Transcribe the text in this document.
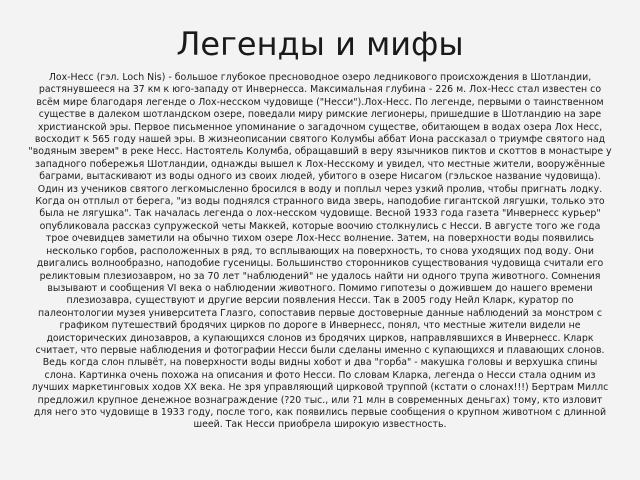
Легенды и мифы

Лох-Несс (гэл. Loch Nis) - большое глубокое пресноводное озеро ледникового происхождения в Шотландии, растянувшееся на 37 км к юго-западу от Инвернесса. Максимальная глубина - 226 м. Лох-Несс стал известен со всём мире благодаря легенде о Лох-несском чудовище ("Несси").Лох-Несс. По легенде, первыми о таинственном существе в далеком шотландском озере, поведали миру римские легионеры, пришедшие в Шотландию на заре христианской эры. Первое письменное упоминание о загадочном существе, обитающем в водах озера Лох Несс, восходит к 565 году нашей эры. В жизнеописании святого Колумбы аббат Иона рассказал о триумфе святого над "водяным зверем" в реке Несс. Настоятель Колумба, обращавший в веру язычников пиктов и скоттов в монастыре у западного побережья Шотландии, однажды вышел к Лох-Несскому и увидел, что местные жители, вооружённые баграми, вытаскивают из воды одного из своих людей, убитого в озере Нисагом (гэльское название чудовища). Один из учеников святого легкомысленно бросился в воду и поплыл через узкий пролив, чтобы пригнать лодку. Когда он отплыл от берега, "из воды поднялся странного вида зверь, наподобие гигантской лягушки, только это была не лягушка". Так началась легенда о лох-несском чудовище. Весной 1933 года газета "Инвернесс курьер" опубликовала рассказ супружеской четы Маккей, которые воочию столкнулись с Несси. В августе того же года трое очевидцев заметили на обычно тихом озере Лох-Несс волнение. Затем, на поверхности воды появились несколько горбов, расположенных в ряд, то всплывающих на поверхность, то снова уходящих под воду. Они двигались волнообразно, наподобие гусеницы. Большинство сторонников существования чудовища считали его реликтовым плезиозавром, но за 70 лет "наблюдений" не удалось найти ни одного трупа животного. Сомнения вызывают и сообщения VI века о наблюдении животного. Помимо гипотезы о дожившем до нашего времени плезиозавра, существуют и другие версии появления Несси. Так в 2005 году Нейл Кларк, куратор по палеонтологии музея университета Глазго, сопоставив первые достоверные данные наблюдений за монстром с графиком путешествий бродячих цирков по дороге в Инвернесс, понял, что местные жители видели не доисторических динозавров, а купающихся слонов из бродячих цирков, направлявшихся в Инвернесс. Кларк считает, что первые наблюдения и фотографии Несси были сделаны именно с купающихся и плавающих слонов. Ведь когда слон плывёт, на поверхности воды видны хобот и два "горба" - макушка головы и верхушка спины слона. Картинка очень похожа на описания и фото Несси. По словам Кларка, легенда о Несси стала одним из лучших маркетинговых ходов XX века. Не зря управляющий цирковой труппой (кстати о слонах!!!) Бертрам Миллс предложил крупное денежное вознаграждение (?20 тыс., или ?1 млн в современных деньгах) тому, кто изловит для него это чудовище в 1933 году, после того, как появились первые сообщения о крупном животном с длинной шеей. Так Несси приобрела широкую известность.
